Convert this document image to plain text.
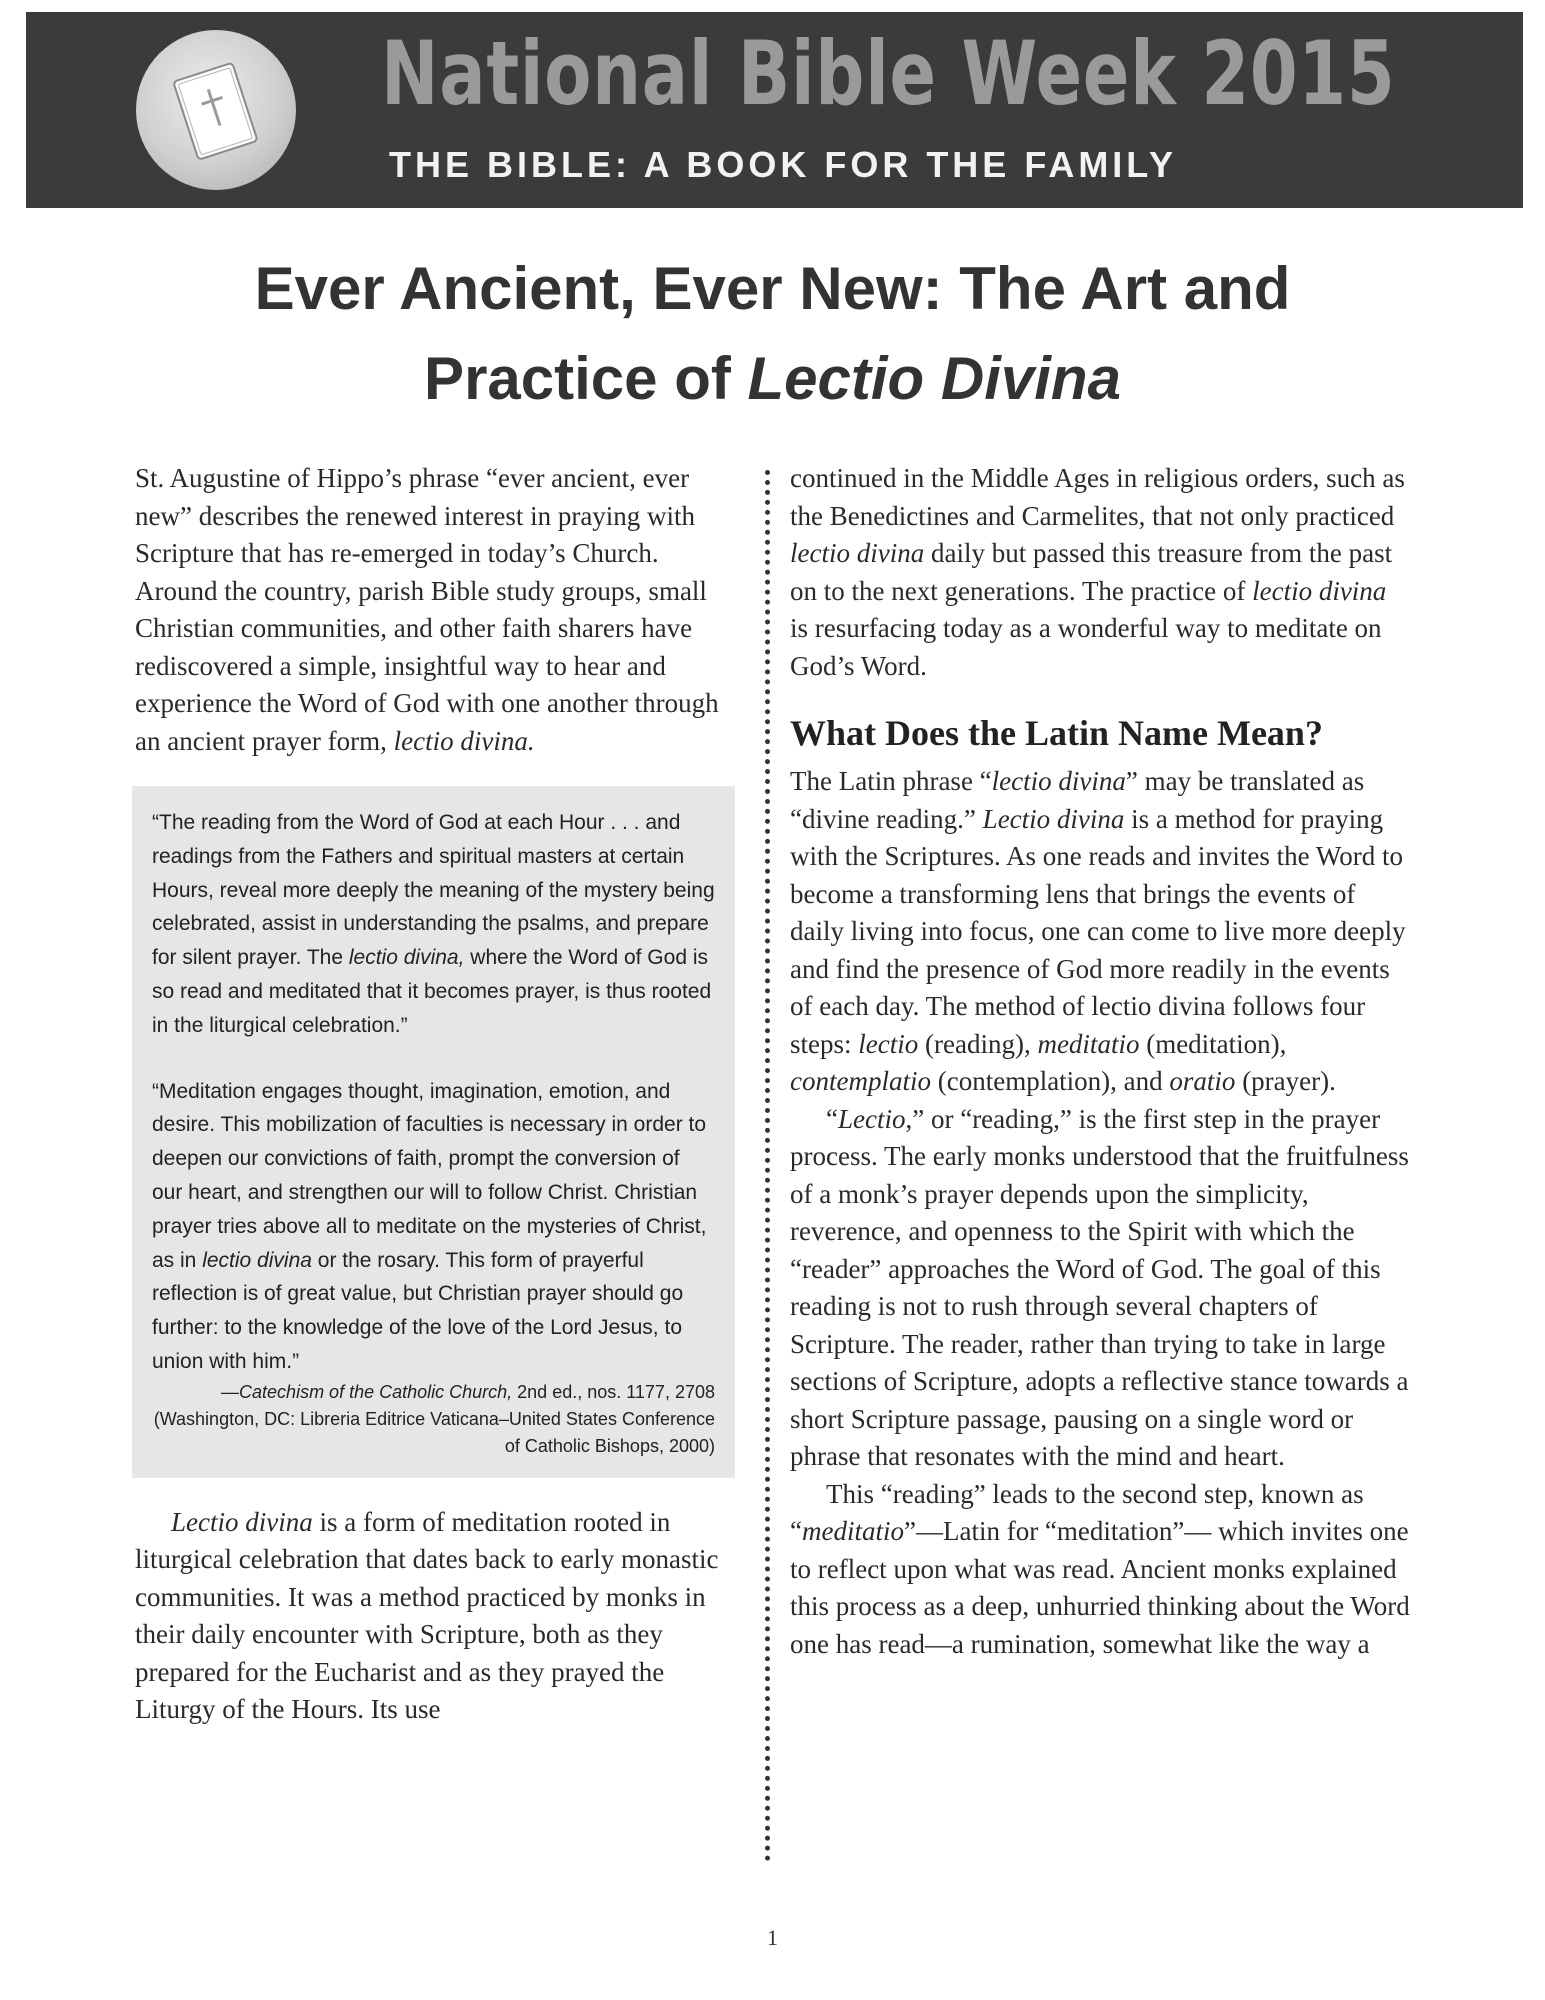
National Bible Week 2015
THE BIBLE: A BOOK FOR THE FAMILY
Ever Ancient, Ever New: The Art and
Practice of Lectio Divina

St. Augustine of Hippo’s phrase “ever ancient, ever new” describes the renewed interest in praying with Scripture that has re-emerged in today’s Church. Around the country, parish Bible study groups, small Christian communities, and other faith sharers have rediscovered a simple, insightful way to hear and experience the Word of God with one another through an ancient prayer form, lectio divina.

“The reading from the Word of God at each Hour . . . and readings from the Fathers and spiritual masters at certain Hours, reveal more deeply the meaning of the mystery being celebrated, assist in understanding the psalms, and prepare for silent prayer. The lectio divina, where the Word of God is so read and meditated that it becomes prayer, is thus rooted in the liturgical celebration.”

“Meditation engages thought, imagination, emotion, and desire. This mobilization of faculties is necessary in order to deepen our convictions of faith, prompt the conversion of our heart, and strengthen our will to follow Christ. Christian prayer tries above all to meditate on the mysteries of Christ, as in lectio divina or the rosary. This form of prayerful reflection is of great value, but Christian prayer should go further: to the knowledge of the love of the Lord Jesus, to union with him.”

—Catechism of the Catholic Church, 2nd ed., nos. 1177, 2708 (Washington, DC: Libreria Editrice Vaticana–United States Conference of Catholic Bishops, 2000)

Lectio divina is a form of meditation rooted in liturgical celebration that dates back to early monastic communities. It was a method practiced by monks in their daily encounter with Scripture, both as they prepared for the Eucharist and as they prayed the Liturgy of the Hours. Its use

continued in the Middle Ages in religious orders, such as the Benedictines and Carmelites, that not only practiced lectio divina daily but passed this treasure from the past on to the next generations. The practice of lectio divina is resurfacing today as a wonderful way to meditate on God’s Word.

What Does the Latin Name Mean?

The Latin phrase “lectio divina” may be translated as “divine reading.” Lectio divina is a method for praying with the Scriptures. As one reads and invites the Word to become a transforming lens that brings the events of daily living into focus, one can come to live more deeply and find the presence of God more readily in the events of each day. The method of lectio divina follows four steps: lectio (reading), meditatio (meditation), contemplatio (contemplation), and oratio (prayer).

“Lectio,” or “reading,” is the first step in the prayer process. The early monks understood that the fruitfulness of a monk’s prayer depends upon the simplicity, reverence, and openness to the Spirit with which the “reader” approaches the Word of God. The goal of this reading is not to rush through several chapters of Scripture. The reader, rather than trying to take in large sections of Scripture, adopts a reflective stance towards a short Scripture passage, pausing on a single word or phrase that resonates with the mind and heart.

This “reading” leads to the second step, known as “meditatio”—Latin for “meditation”— which invites one to reflect upon what was read. Ancient monks explained this process as a deep, unhurried thinking about the Word one has read—a rumination, somewhat like the way a

1
